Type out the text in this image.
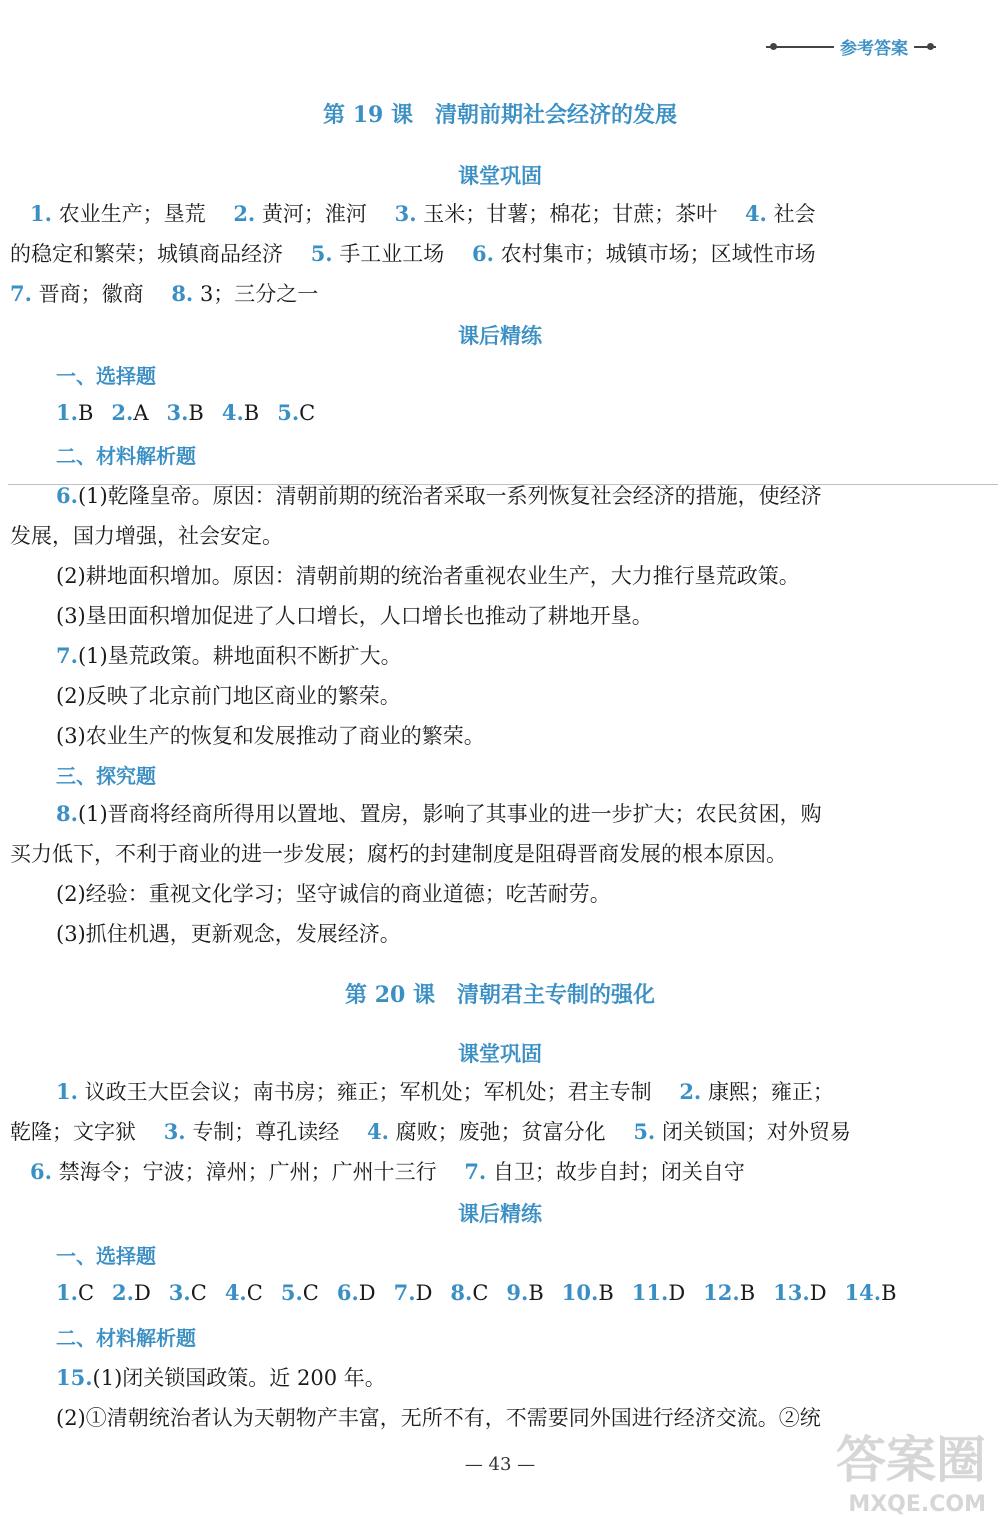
参考答案
第 19 课　清朝前期社会经济的发展
课堂巩固
1. 农业生产；垦荒　 2. 黄河；淮河　 3. 玉米；甘薯；棉花；甘蔗；茶叶　 4. 社会
的稳定和繁荣；城镇商品经济　 5. 手工业工场　 6. 农村集市；城镇市场；区域性市场
7. 晋商；徽商　 8. 3；三分之一
课后精练
一、选择题
1.B 2.A 3.B 4.B 5.C
二、材料解析题
6.(1)乾隆皇帝。原因：清朝前期的统治者采取一系列恢复社会经济的措施，使经济
发展，国力增强，社会安定。
(2)耕地面积增加。原因：清朝前期的统治者重视农业生产，大力推行垦荒政策。
(3)垦田面积增加促进了人口增长，人口增长也推动了耕地开垦。
7.(1)垦荒政策。耕地面积不断扩大。
(2)反映了北京前门地区商业的繁荣。
(3)农业生产的恢复和发展推动了商业的繁荣。
三、探究题
8.(1)晋商将经商所得用以置地、置房，影响了其事业的进一步扩大；农民贫困，购
买力低下，不利于商业的进一步发展；腐朽的封建制度是阻碍晋商发展的根本原因。
(2)经验：重视文化学习；坚守诚信的商业道德；吃苦耐劳。
(3)抓住机遇，更新观念，发展经济。
第 20 课　清朝君主专制的强化
课堂巩固
1. 议政王大臣会议；南书房；雍正；军机处；军机处；君主专制　 2. 康熙；雍正；
乾隆；文字狱　 3. 专制；尊孔读经　 4. 腐败；废弛；贫富分化　 5. 闭关锁国；对外贸易
6. 禁海令；宁波；漳州；广州；广州十三行　 7. 自卫；故步自封；闭关自守
课后精练
一、选择题
1.C 2.D 3.C 4.C 5.C 6.D 7.D 8.C 9.B 10.B 11.D 12.B 13.D 14.B
二、材料解析题
15.(1)闭关锁国政策。近 200 年。
(2)①清朝统治者认为天朝物产丰富，无所不有，不需要同外国进行经济交流。②统
— 43 —	答案圈
MXQE.COM
